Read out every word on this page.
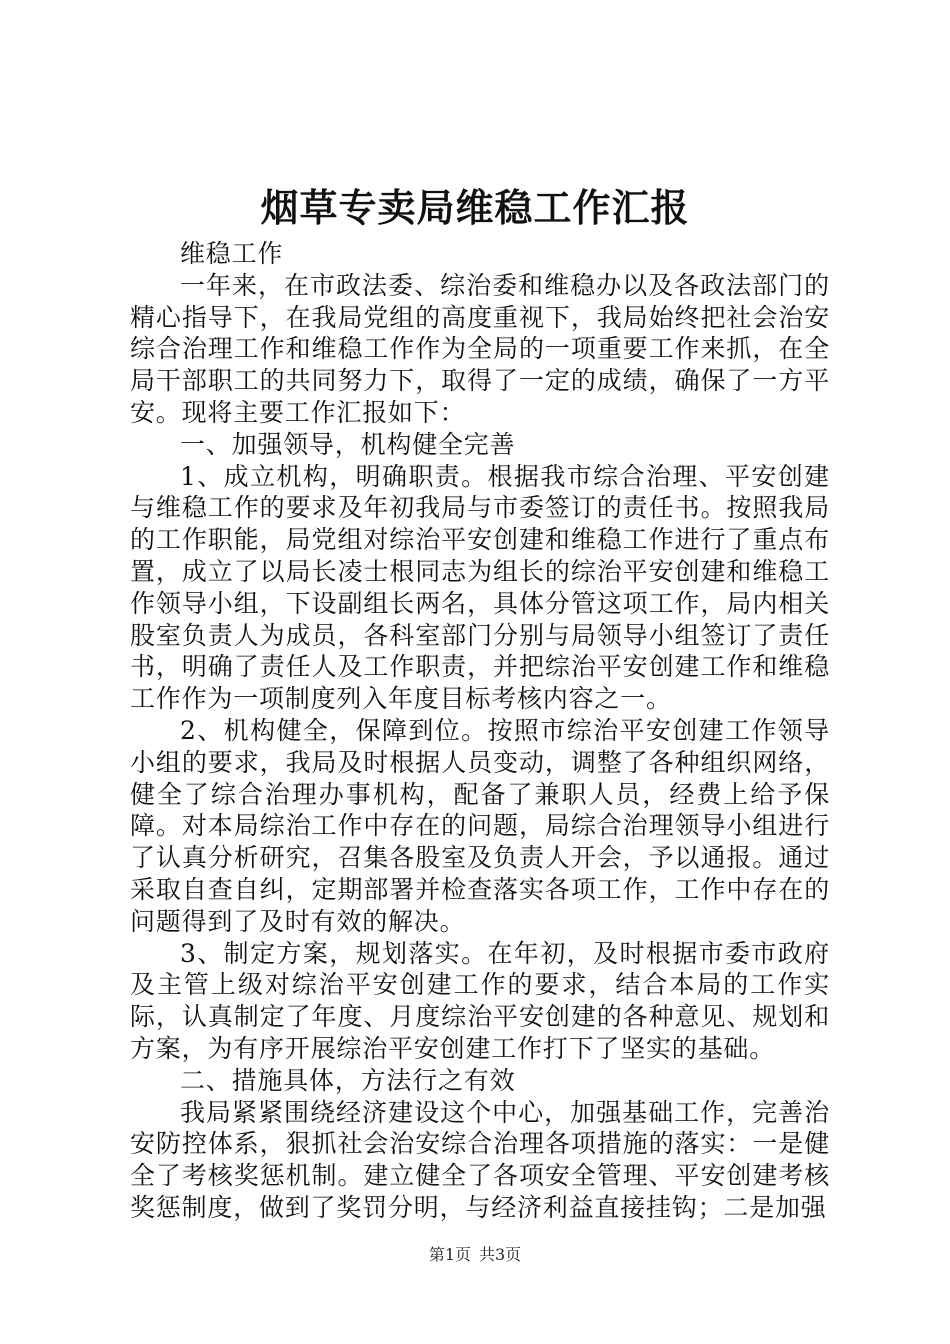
烟草专卖局维稳工作汇报

维稳工作

一年来，在市政法委、综治委和维稳办以及各政法部门的精心指导下，在我局党组的高度重视下，我局始终把社会治安综合治理工作和维稳工作作为全局的一项重要工作来抓，在全局干部职工的共同努力下，取得了一定的成绩，确保了一方平安。现将主要工作汇报如下：

一、加强领导，机构健全完善

1、成立机构，明确职责。根据我市综合治理、平安创建与维稳工作的要求及年初我局与市委签订的责任书。按照我局的工作职能，局党组对综治平安创建和维稳工作进行了重点布置，成立了以局长凌士根同志为组长的综治平安创建和维稳工作领导小组，下设副组长两名，具体分管这项工作，局内相关股室负责人为成员，各科室部门分别与局领导小组签订了责任书，明确了责任人及工作职责，并把综治平安创建工作和维稳工作作为一项制度列入年度目标考核内容之一。

2、机构健全，保障到位。按照市综治平安创建工作领导小组的要求，我局及时根据人员变动，调整了各种组织网络，健全了综合治理办事机构，配备了兼职人员，经费上给予保障。对本局综治工作中存在的问题，局综合治理领导小组进行了认真分析研究，召集各股室及负责人开会，予以通报。通过采取自查自纠，定期部署并检查落实各项工作，工作中存在的问题得到了及时有效的解决。

3、制定方案，规划落实。在年初，及时根据市委市政府及主管上级对综治平安创建工作的要求，结合本局的工作实际，认真制定了年度、月度综治平安创建的各种意见、规划和方案，为有序开展综治平安创建工作打下了坚实的基础。

二、措施具体，方法行之有效

我局紧紧围绕经济建设这个中心，加强基础工作，完善治安防控体系，狠抓社会治安综合治理各项措施的落实：一是健全了考核奖惩机制。建立健全了各项安全管理、平安创建考核奖惩制度，做到了奖罚分明，与经济利益直接挂钩；二是加强

第1页 共3页
